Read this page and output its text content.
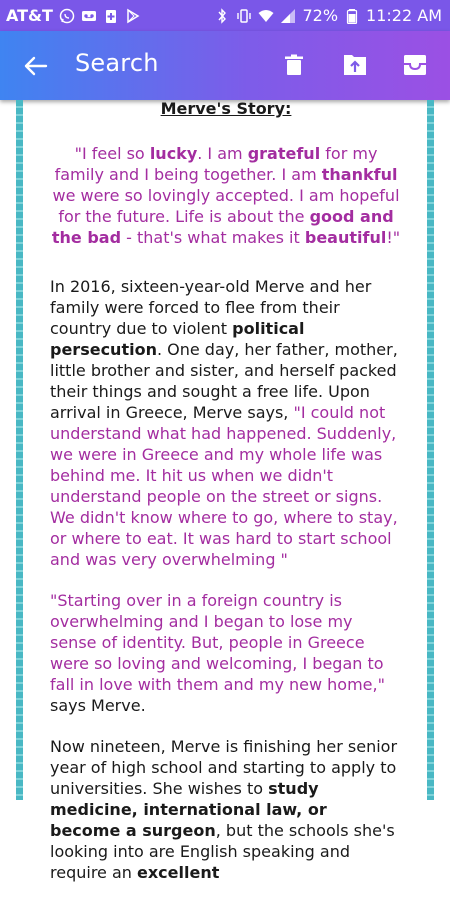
AT&T	72% 11:22 AM
Search
Merve's Story:
"I feel so lucky. I am grateful for my family and I being together. I am thankful we were so lovingly accepted. I am hopeful for the future. Life is about the good and the bad - that's what makes it beautiful!"
In 2016, sixteen-year-old Merve and her family were forced to flee from their country due to violent political persecution. One day, her father, mother, little brother and sister, and herself packed their things and sought a free life. Upon arrival in Greece, Merve says, "I could not understand what had happened. Suddenly, we were in Greece and my whole life was behind me. It hit us when we didn't understand people on the street or signs. We didn't know where to go, where to stay, or where to eat. It was hard to start school and was very overwhelming "
"Starting over in a foreign country is overwhelming and I began to lose my sense of identity. But, people in Greece were so loving and welcoming, I began to fall in love with them and my new home," says Merve.
Now nineteen, Merve is finishing her senior year of high school and starting to apply to universities. She wishes to study medicine, international law, or become a surgeon, but the schools she's looking into are English speaking and require an excellent
